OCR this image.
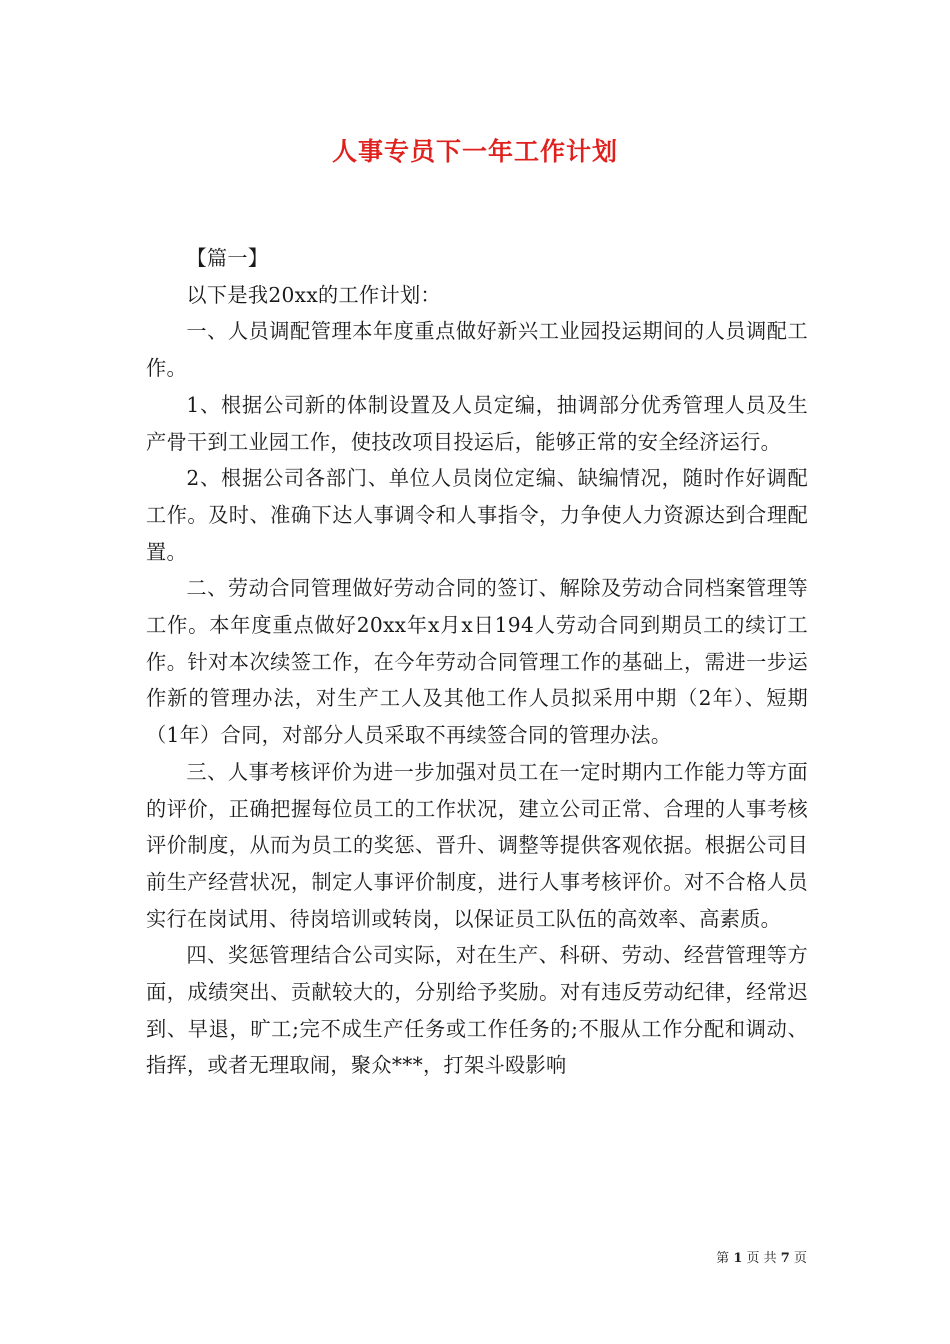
人事专员下一年工作计划

【篇一】

以下是我20xx的工作计划：

一、人员调配管理本年度重点做好新兴工业园投运期间的人员调配工作。

1、根据公司新的体制设置及人员定编，抽调部分优秀管理人员及生产骨干到工业园工作，使技改项目投运后，能够正常的安全经济运行。

2、根据公司各部门、单位人员岗位定编、缺编情况，随时作好调配工作。及时、准确下达人事调令和人事指令，力争使人力资源达到合理配置。

二、劳动合同管理做好劳动合同的签订、解除及劳动合同档案管理等工作。本年度重点做好20xx年x月x日194人劳动合同到期员工的续订工作。针对本次续签工作，在今年劳动合同管理工作的基础上，需进一步运作新的管理办法，对生产工人及其他工作人员拟采用中期（2年）、短期（1年）合同，对部分人员采取不再续签合同的管理办法。

三、人事考核评价为进一步加强对员工在一定时期内工作能力等方面的评价，正确把握每位员工的工作状况，建立公司正常、合理的人事考核评价制度，从而为员工的奖惩、晋升、调整等提供客观依据。根据公司目前生产经营状况，制定人事评价制度，进行人事考核评价。对不合格人员实行在岗试用、待岗培训或转岗，以保证员工队伍的高效率、高素质。

四、奖惩管理结合公司实际，对在生产、科研、劳动、经营管理等方面，成绩突出、贡献较大的，分别给予奖励。对有违反劳动纪律，经常迟到、早退，旷工;完不成生产任务或工作任务的;不服从工作分配和调动、指挥，或者无理取闹，聚众***，打架斗殴影响

第 1 页 共 7 页
